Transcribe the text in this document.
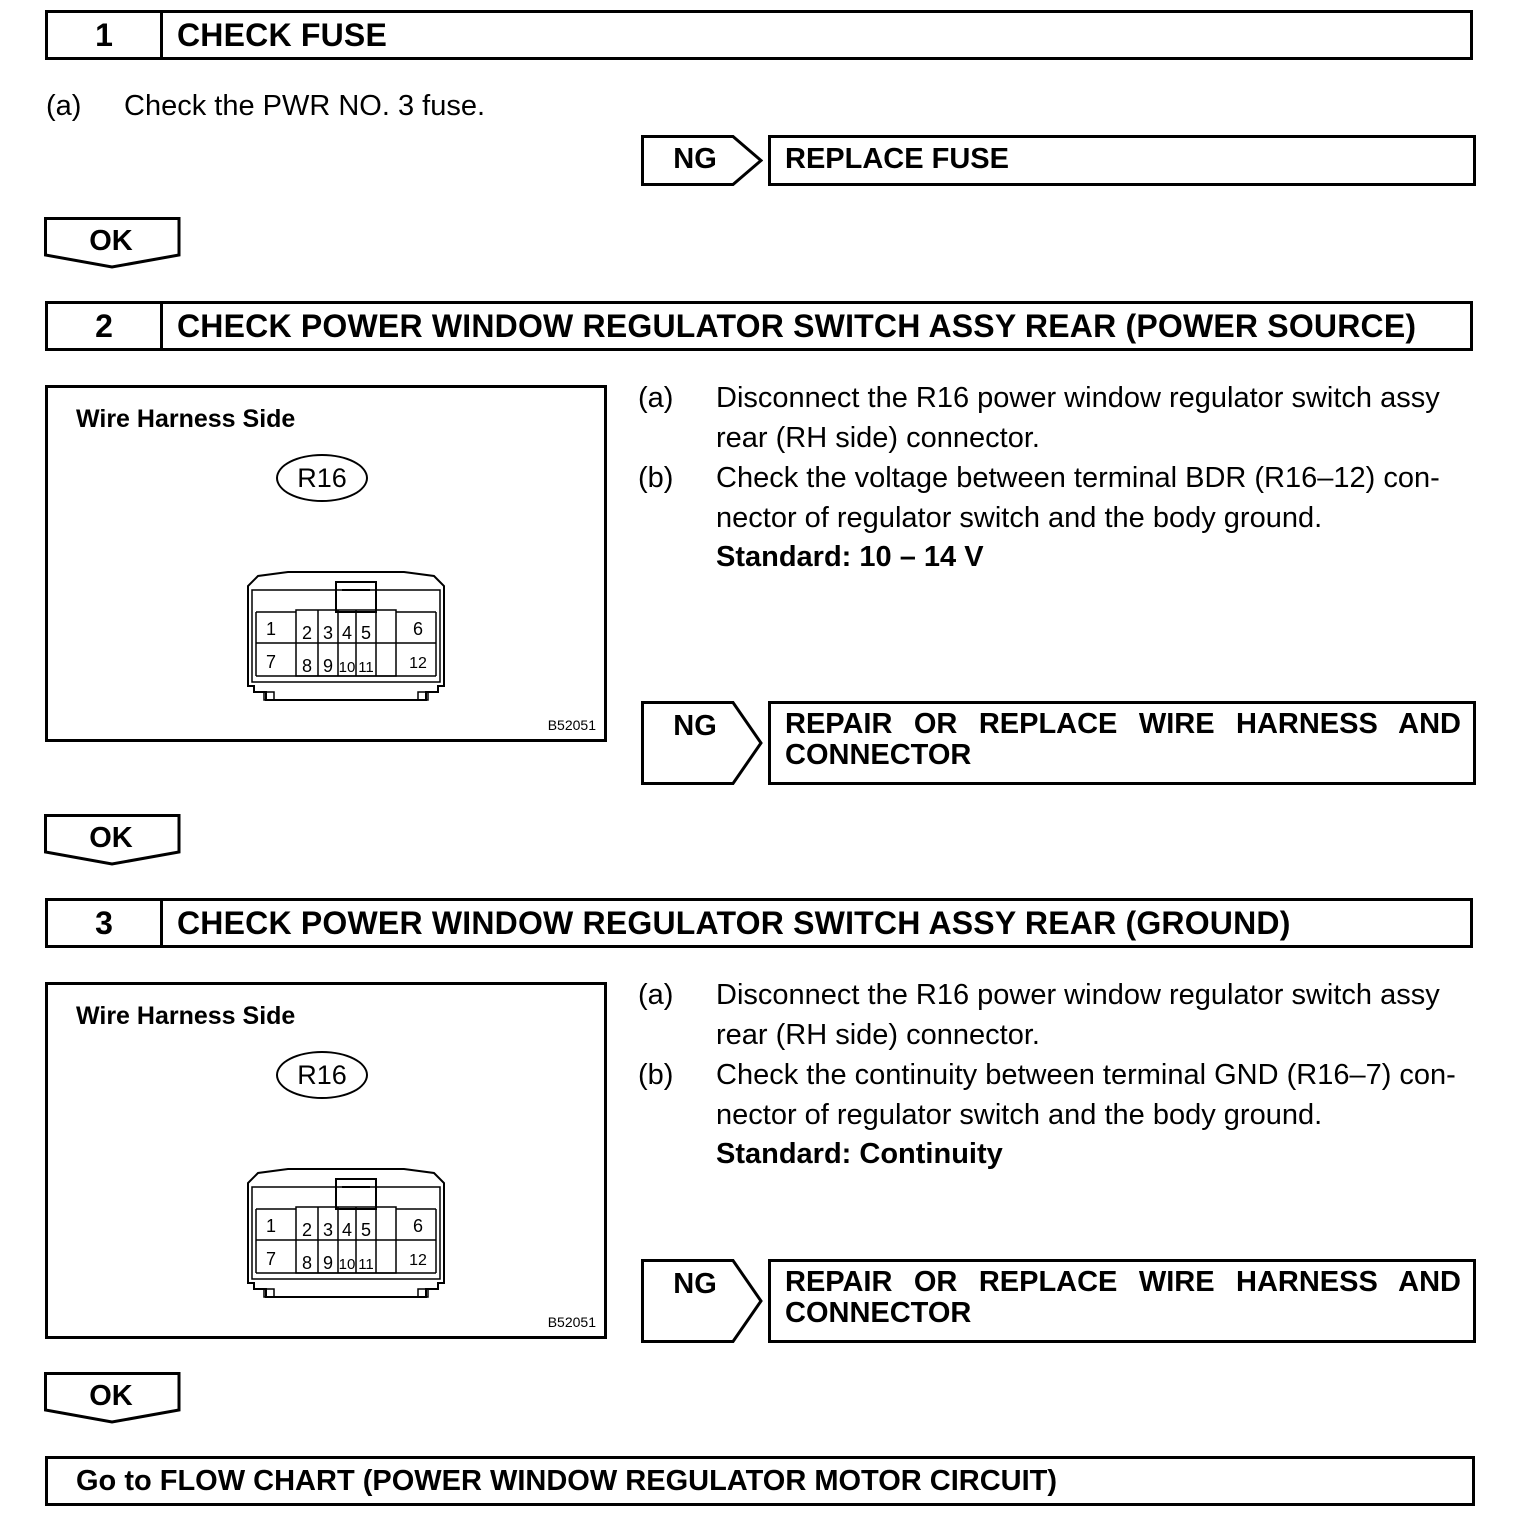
1	CHECK FUSE
(a) Check the PWR NO. 3 fuse.
NG	REPLACE FUSE
OK
2	CHECK POWER WINDOW REGULATOR SWITCH ASSY REAR (POWER SOURCE)
Wire Harness Side
R16
1 2 3 4 5 6
7 8 9 10 11 12
B52051
(a) Disconnect the R16 power window regulator switch assy
rear (RH side) connector.
(b) Check the voltage between terminal BDR (R16–12) con-
nector of regulator switch and the body ground.
Standard: 10 – 14 V
NG	REPAIR OR REPLACE WIRE HARNESS AND CONNECTOR
OK
3	CHECK POWER WINDOW REGULATOR SWITCH ASSY REAR (GROUND)
Wire Harness Side
R16
1 2 3 4 5 6
7 8 9 10 11 12
B52051
(a) Disconnect the R16 power window regulator switch assy
rear (RH side) connector.
(b) Check the continuity between terminal GND (R16–7) con-
nector of regulator switch and the body ground.
Standard: Continuity
NG	REPAIR OR REPLACE WIRE HARNESS AND CONNECTOR
OK
Go to FLOW CHART (POWER WINDOW REGULATOR MOTOR CIRCUIT)
